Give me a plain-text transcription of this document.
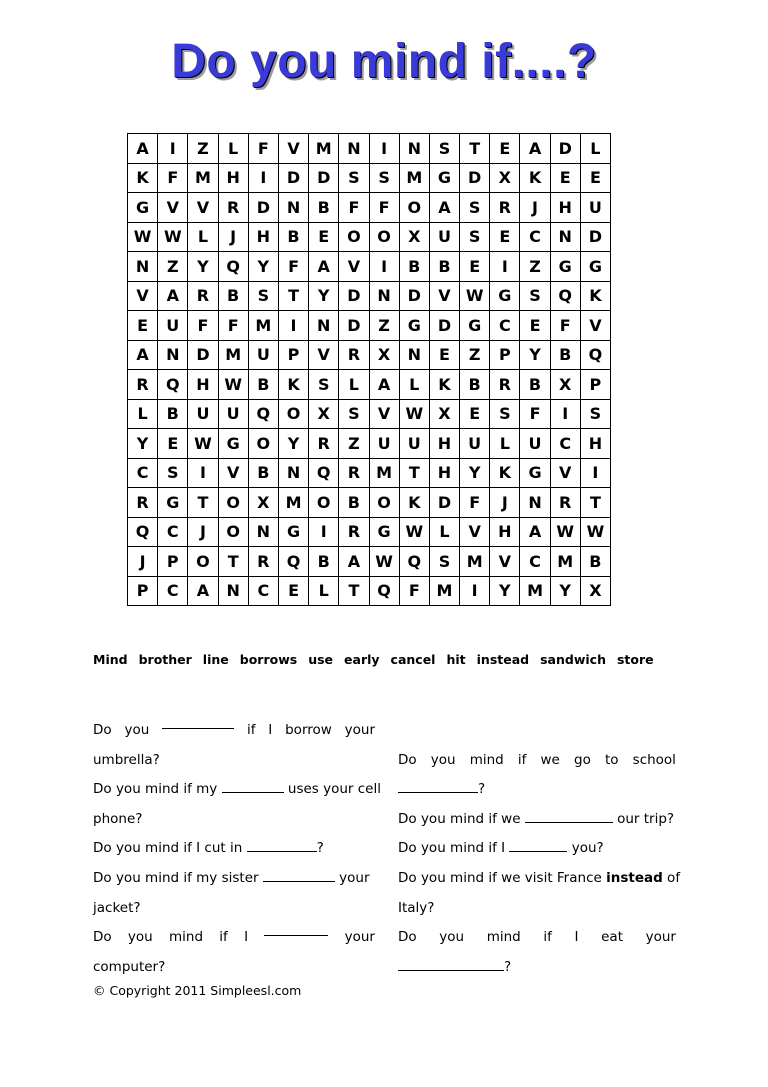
Do you mind if....?
A	I	Z	L	F	V	M	N	I	N	S	T	E	A	D	L
K	F	M	H	I	D	D	S	S	M	G	D	X	K	E	E
G	V	V	R	D	N	B	F	F	O	A	S	R	J	H	U
W	W	L	J	H	B	E	O	O	X	U	S	E	C	N	D
N	Z	Y	Q	Y	F	A	V	I	B	B	E	I	Z	G	G
V	A	R	B	S	T	Y	D	N	D	V	W	G	S	Q	K
E	U	F	F	M	I	N	D	Z	G	D	G	C	E	F	V
A	N	D	M	U	P	V	R	X	N	E	Z	P	Y	B	Q
R	Q	H	W	B	K	S	L	A	L	K	B	R	B	X	P
L	B	U	U	Q	O	X	S	V	W	X	E	S	F	I	S
Y	E	W	G	O	Y	R	Z	U	U	H	U	L	U	C	H
C	S	I	V	B	N	Q	R	M	T	H	Y	K	G	V	I
R	G	T	O	X	M	O	B	O	K	D	F	J	N	R	T
Q	C	J	O	N	G	I	R	G	W	L	V	H	A	W	W
J	P	O	T	R	Q	B	A	W	Q	S	M	V	C	M	B
P	C	A	N	C	E	L	T	Q	F	M	I	Y	M	Y	X
Mind brother line borrows use early cancel hit instead sandwich store
Do you	if I borrow your
umbrella?
Do you mind if my	uses your cell
phone?
Do you mind if I cut in	?
Do you mind if my sister	your
jacket?
Do you mind if I	your
computer?
Do you mind if we go to school
?
Do you mind if we	our trip?
Do you mind if I	you?
Do you mind if we visit France instead of
Italy?
Do you mind if I eat your
?
© Copyright 2011 Simpleesl.com
